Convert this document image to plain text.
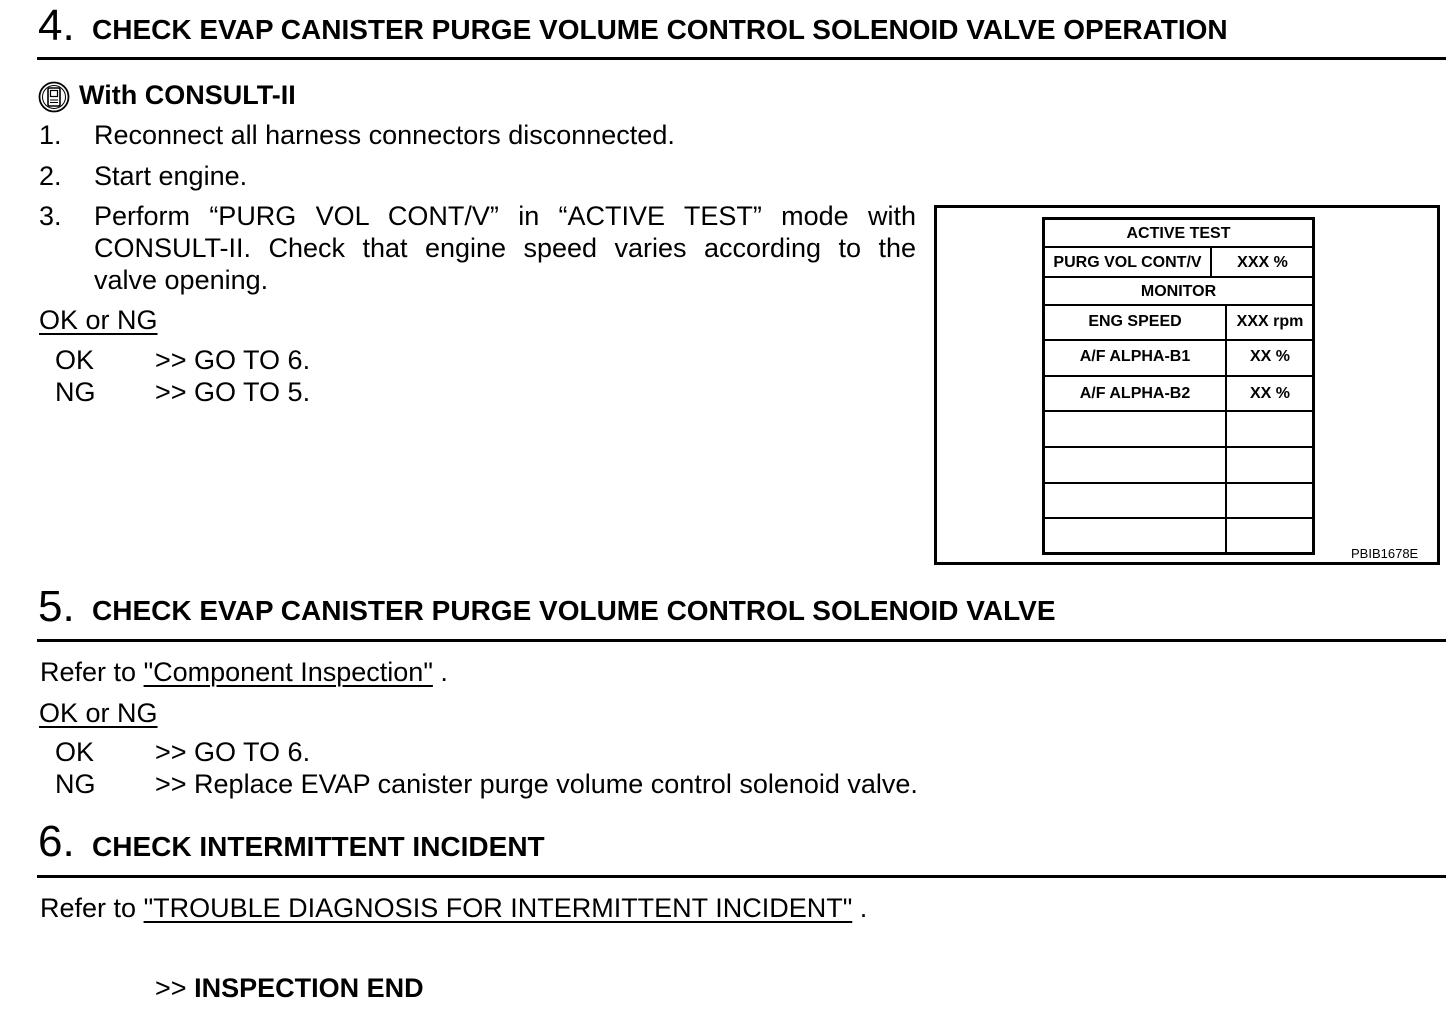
4. CHECK EVAP CANISTER PURGE VOLUME CONTROL SOLENOID VALVE OPERATION
With CONSULT-II
1. Reconnect all harness connectors disconnected.
2. Start engine.
3. Perform “PURG VOL CONT/V” in “ACTIVE TEST” mode with
CONSULT-II. Check that engine speed varies according to the
valve opening.
OK or NG
OK >> GO TO 6.
NG >> GO TO 5.
ACTIVE TEST
PURG VOL CONT/V	XXX %
MONITOR
ENG SPEED	XXX rpm
A/F ALPHA-B1	XX %
A/F ALPHA-B2	XX %
PBIB1678E
5. CHECK EVAP CANISTER PURGE VOLUME CONTROL SOLENOID VALVE
Refer to "Component Inspection" .
OK or NG
OK >> GO TO 6.
NG >> Replace EVAP canister purge volume control solenoid valve.
6. CHECK INTERMITTENT INCIDENT
Refer to "TROUBLE DIAGNOSIS FOR INTERMITTENT INCIDENT" .
>> INSPECTION END
